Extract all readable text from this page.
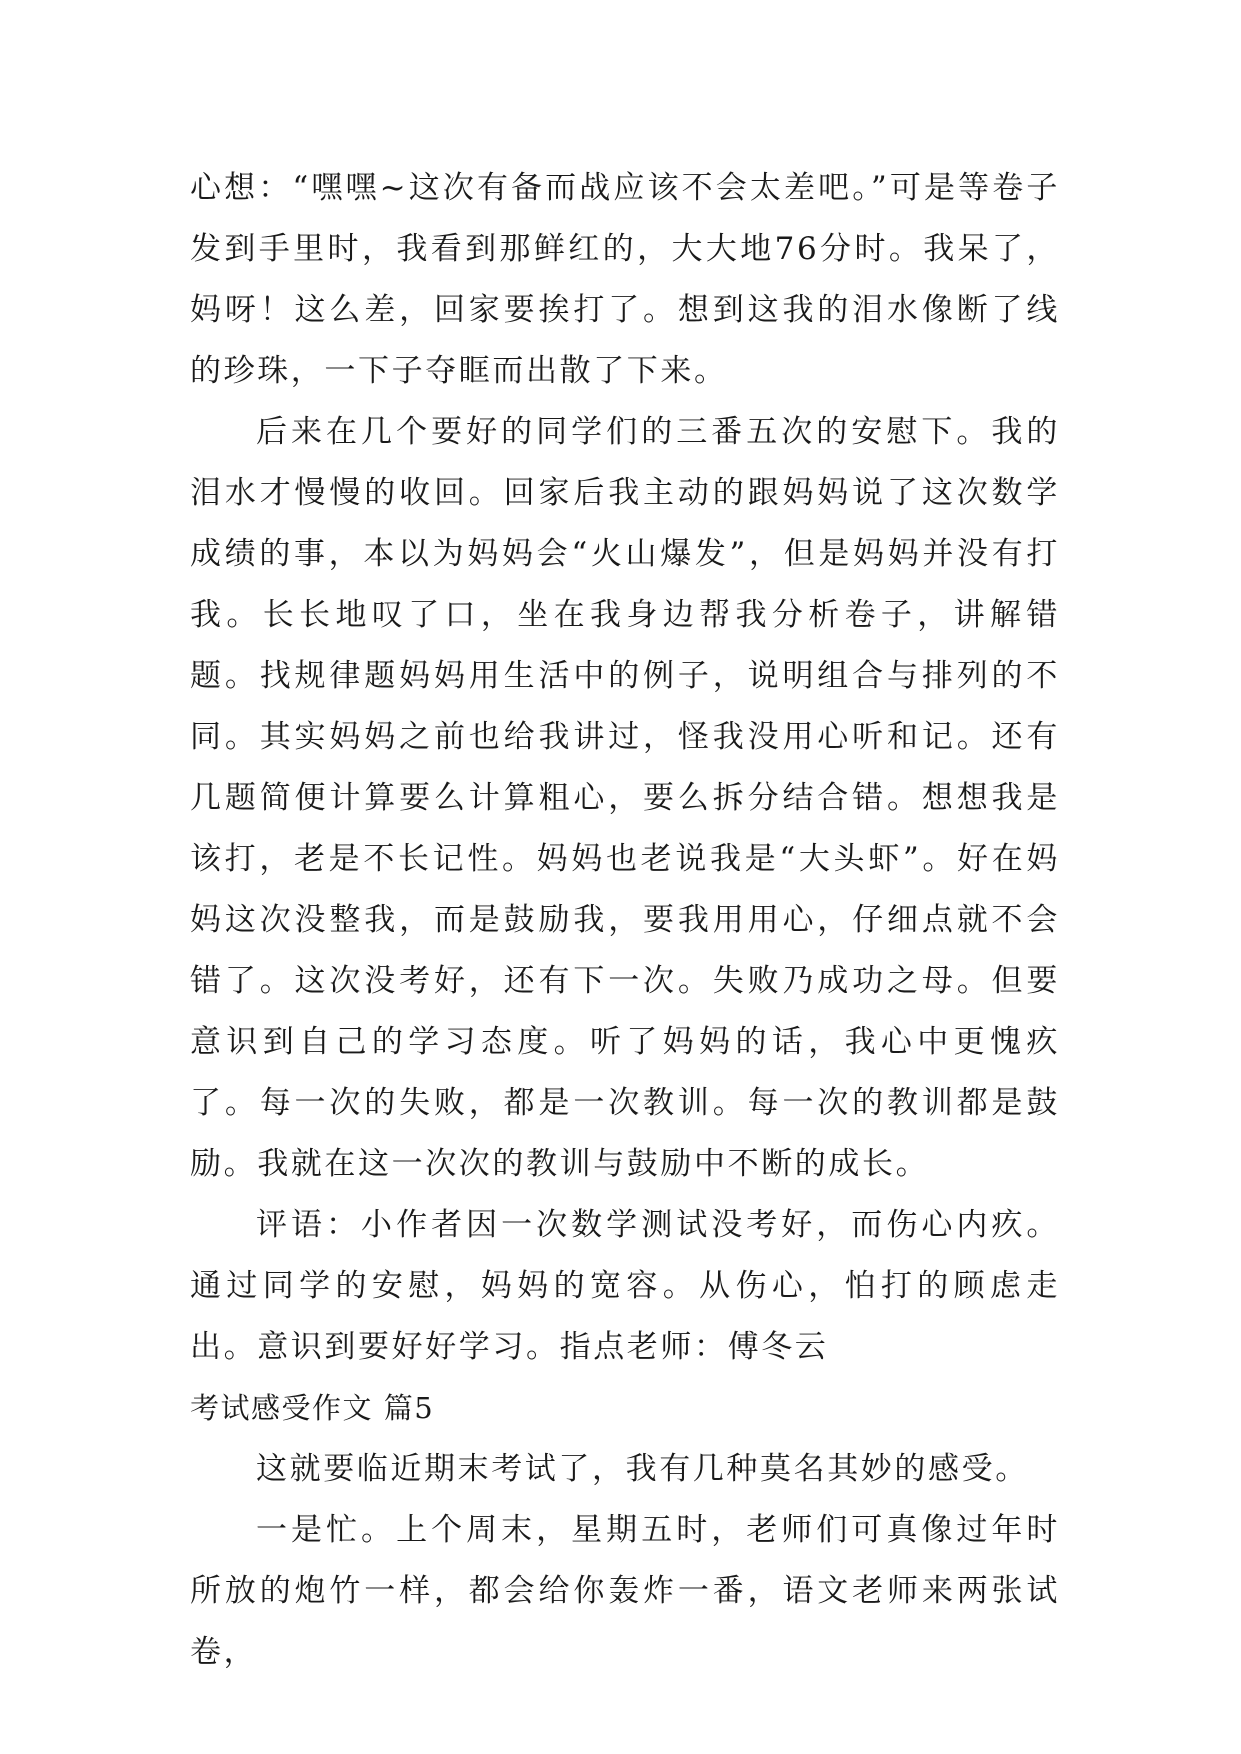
心想：“嘿嘿~这次有备而战应该不会太差吧。”可是等卷子发到手里时，我看到那鲜红的，大大地76分时。我呆了，妈呀！这么差，回家要挨打了。想到这我的泪水像断了线的珍珠，一下子夺眶而出散了下来。

后来在几个要好的同学们的三番五次的安慰下。我的泪水才慢慢的收回。回家后我主动的跟妈妈说了这次数学成绩的事，本以为妈妈会“火山爆发”，但是妈妈并没有打我。长长地叹了口，坐在我身边帮我分析卷子，讲解错题。找规律题妈妈用生活中的例子，说明组合与排列的不同。其实妈妈之前也给我讲过，怪我没用心听和记。还有几题简便计算要么计算粗心，要么拆分结合错。想想我是该打，老是不长记性。妈妈也老说我是“大头虾”。好在妈妈这次没整我，而是鼓励我，要我用用心，仔细点就不会错了。这次没考好，还有下一次。失败乃成功之母。但要意识到自己的学习态度。听了妈妈的话，我心中更愧疚了。每一次的失败，都是一次教训。每一次的教训都是鼓励。我就在这一次次的教训与鼓励中不断的成长。

评语：小作者因一次数学测试没考好，而伤心内疚。通过同学的安慰，妈妈的宽容。从伤心，怕打的顾虑走出。意识到要好好学习。指点老师：傅冬云

考试感受作文 篇5

这就要临近期末考试了，我有几种莫名其妙的感受。

一是忙。上个周末，星期五时，老师们可真像过年时所放的炮竹一样，都会给你轰炸一番，语文老师来两张试卷，
